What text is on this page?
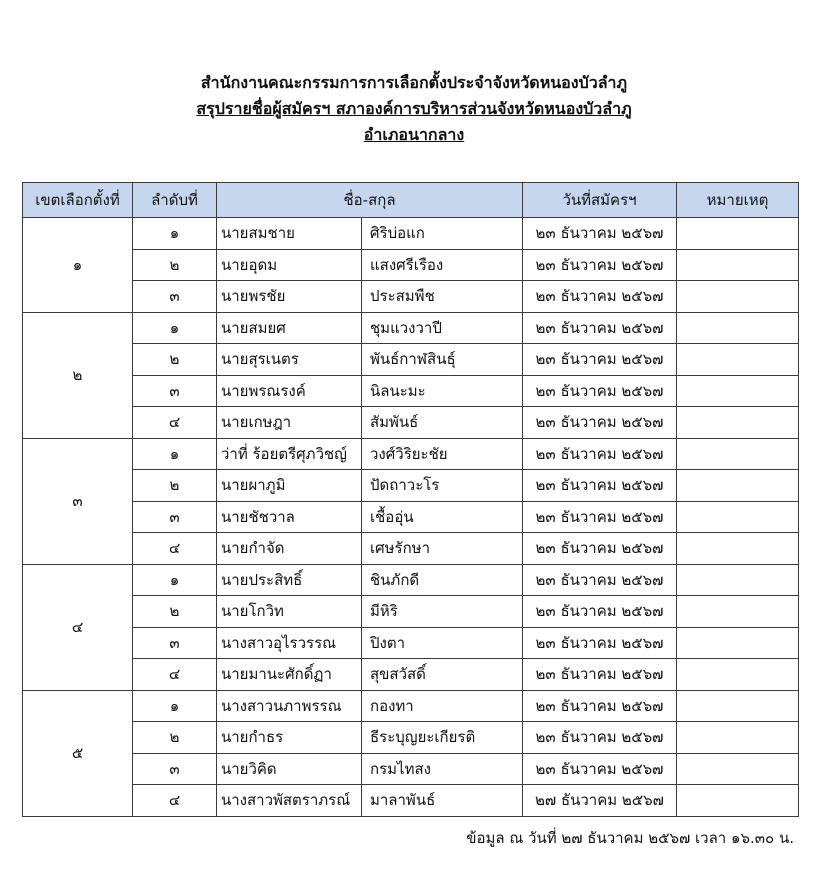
สำนักงานคณะกรรมการการเลือกตั้งประจำจังหวัดหนองบัวลำภู
สรุปรายชื่อผู้สมัครฯ สภาองค์การบริหารส่วนจังหวัดหนองบัวลำภู
อำเภอนากลาง
เขตเลือกตั้งที่	ลำดับที่	ชื่อ-สกุล		วันที่สมัครฯ	หมายเหตุ
๑	๑	นายสมชาย	ศิริบ่อแก	๒๓ ธันวาคม ๒๕๖๗	
	๒	นายอุดม	แสงศรีเรือง	๒๓ ธันวาคม ๒๕๖๗	
	๓	นายพรชัย	ประสมพืช	๒๓ ธันวาคม ๒๕๖๗	
๒	๑	นายสมยศ	ชุมแวงวาปี	๒๓ ธันวาคม ๒๕๖๗	
	๒	นายสุรเนตร	พันธ์กาฬสินธุ์	๒๓ ธันวาคม ๒๕๖๗	
	๓	นายพรณรงค์	นิลนะมะ	๒๓ ธันวาคม ๒๕๖๗	
	๔	นายเกษฎา	สัมพันธ์	๒๓ ธันวาคม ๒๕๖๗	
๓	๑	ว่าที่ ร้อยตรีศุภวิชญ์	วงศ์วิริยะชัย	๒๓ ธันวาคม ๒๕๖๗	
	๒	นายผาภูมิ	ปัดถาวะโร	๒๓ ธันวาคม ๒๕๖๗	
	๓	นายชัชวาล	เชื้ออุ่น	๒๓ ธันวาคม ๒๕๖๗	
	๔	นายกำจัด	เศษรักษา	๒๓ ธันวาคม ๒๕๖๗	
๔	๑	นายประสิทธิ์	ชินภักดี	๒๓ ธันวาคม ๒๕๖๗	
	๒	นายโกวิท	มีหิริ	๒๓ ธันวาคม ๒๕๖๗	
	๓	นางสาวอุไรวรรณ	ปิงตา	๒๓ ธันวาคม ๒๕๖๗	
	๔	นายมานะศักดิ์ฏา	สุขสวัสดิ์	๒๓ ธันวาคม ๒๕๖๗	
๕	๑	นางสาวนภาพรรณ	กองทา	๒๓ ธันวาคม ๒๕๖๗	
	๒	นายกำธร	ธีระบุญยะเกียรติ	๒๓ ธันวาคม ๒๕๖๗	
	๓	นายวิคิด	กรมไทสง	๒๓ ธันวาคม ๒๕๖๗	
	๔	นางสาวพัสตราภรณ์	มาลาพันธ์	๒๗ ธันวาคม ๒๕๖๗	
ข้อมูล ณ วันที่ ๒๗ ธันวาคม ๒๕๖๗ เวลา ๑๖.๓๐ น.
